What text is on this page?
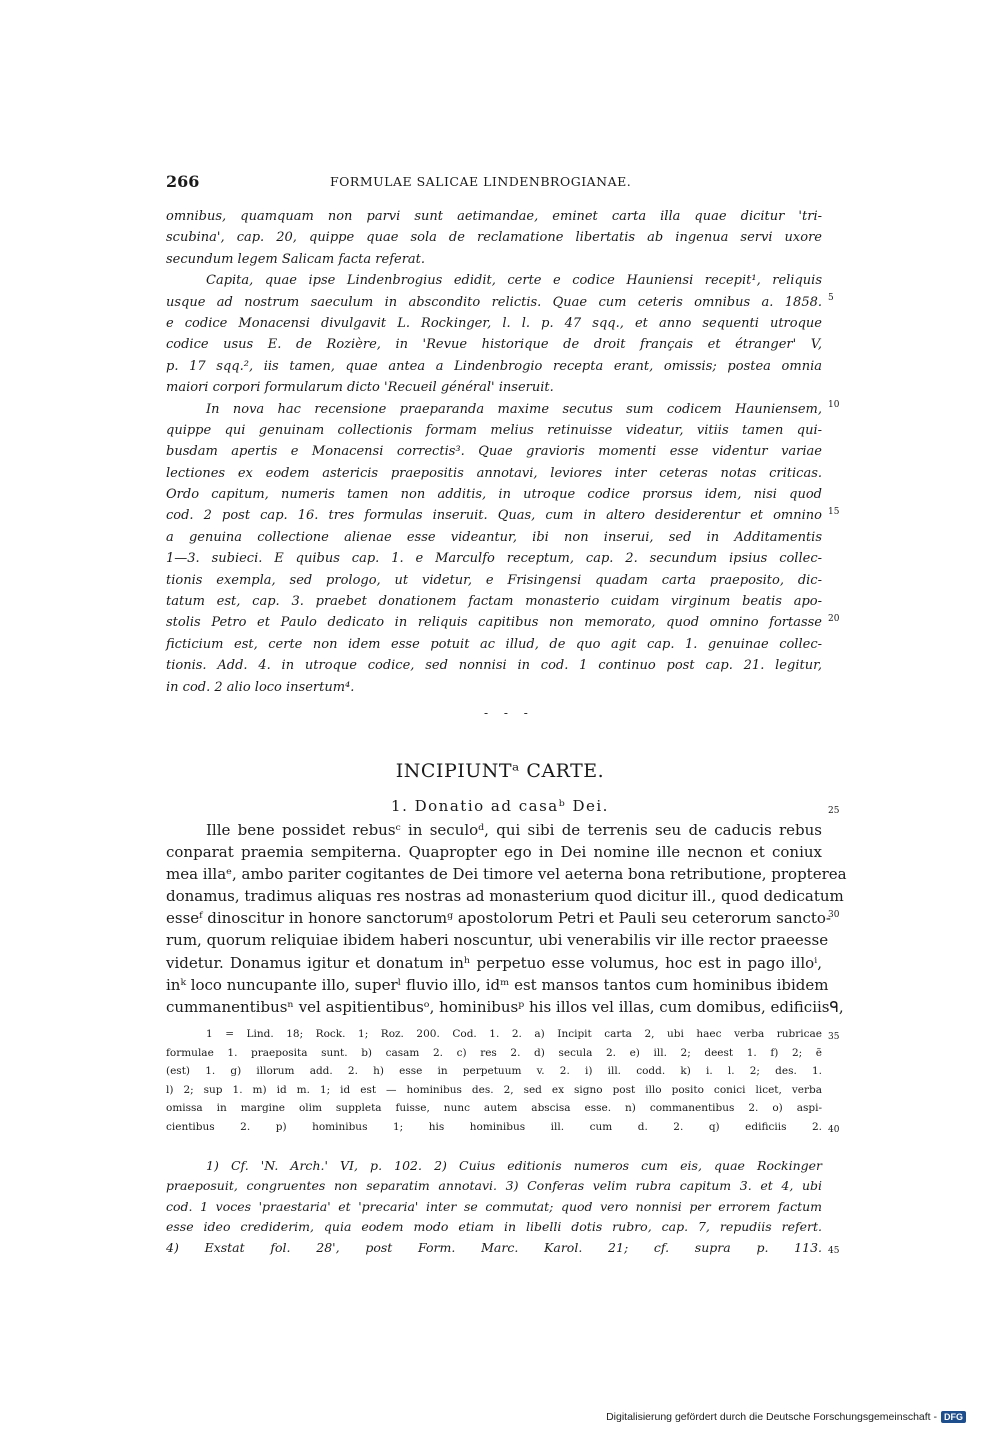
266	FORMULAE SALICAE LINDENBROGIANAE.
omnibus, quamquam non parvi sunt aetimandae, eminet carta illa quae dicitur 'tri-
scubina', cap. 20, quippe quae sola de reclamatione libertatis ab ingenua servi uxore
secundum legem Salicam facta referat.
Capita, quae ipse Lindenbrogius edidit, certe e codice Hauniensi recepit¹, reliquis
usque ad nostrum saeculum in abscondito relictis. Quae cum ceteris omnibus a. 1858.
e codice Monacensi divulgavit L. Rockinger, l. l. p. 47 sqq., et anno sequenti utroque
codice usus E. de Rozière, in 'Revue historique de droit français et étranger' V,
p. 17 sqq.², iis tamen, quae antea a Lindenbrogio recepta erant, omissis; postea omnia
maiori corpori formularum dicto 'Recueil général' inseruit.
In nova hac recensione praeparanda maxime secutus sum codicem Hauniensem,
quippe qui genuinam collectionis formam melius retinuisse videatur, vitiis tamen qui-
busdam apertis e Monacensi correctis³. Quae gravioris momenti esse videntur variae
lectiones ex eodem astericis praepositis annotavi, leviores inter ceteras notas criticas.
Ordo capitum, numeris tamen non additis, in utroque codice prorsus idem, nisi quod
cod. 2 post cap. 16. tres formulas inseruit. Quas, cum in altero desiderentur et omnino
a genuina collectione alienae esse videantur, ibi non inserui, sed in Additamentis
1—3. subieci. E quibus cap. 1. e Marculfo receptum, cap. 2. secundum ipsius collec-
tionis exempla, sed prologo, ut videtur, e Frisingensi quadam carta praeposito, dic-
tatum est, cap. 3. praebet donationem factam monasterio cuidam virginum beatis apo-
stolis Petro et Paulo dedicato in reliquis capitibus non memorato, quod omnino fortasse
ficticium est, certe non idem esse potuit ac illud, de quo agit cap. 1. genuinae collec-
tionis. Add. 4. in utroque codice, sed nonnisi in cod. 1 continuo post cap. 21. legitur,
in cod. 2 alio loco insertum⁴.
5
10
15
20
- - -
INCIPIUNTᵃ CARTE.
1. Donatio ad casaᵇ Dei.	25
Ille bene possidet rebusᶜ in seculoᵈ, qui sibi de terrenis seu de caducis rebus
conparat praemia sempiterna. Quapropter ego in Dei nomine ille necnon et coniux
mea illaᵉ, ambo pariter cogitantes de Dei timore vel aeterna bona retributione, propterea
donamus, tradimus aliquas res nostras ad monasterium quod dicitur ill., quod dedicatum
esseᶠ dinoscitur in honore sanctorumᵍ apostolorum Petri et Pauli seu ceterorum sancto-
rum, quorum reliquiae ibidem haberi noscuntur, ubi venerabilis vir ille rector praeesse
videtur. Donamus igitur et donatum inʰ perpetuo esse volumus, hoc est in pago illoⁱ,
inᵏ loco nuncupante illo, superˡ fluvio illo, idᵐ est mansos tantos cum hominibus ibidem
cummanentibusⁿ vel aspitientibusᵒ, hominibusᵖ his illos vel illas, cum domibus, edificiisᑫ,
30
1 = Lind. 18; Rock. 1; Roz. 200. Cod. 1. 2. a) Incipit carta 2, ubi haec verba rubricae
formulae 1. praeposita sunt. b) casam 2. c) res 2. d) secula 2. e) ill. 2; deest 1. f) 2; ẽ
(est) 1. g) illorum add. 2. h) esse in perpetuum v. 2. i) ill. codd. k) i. l. 2; des. 1.
l) 2; sup 1. m) id m. 1; id est — hominibus des. 2, sed ex signo post illo posito conici licet, verba
omissa in margine olim suppleta fuisse, nunc autem abscisa esse. n) commanentibus 2. o) aspi-
cientibus 2. p) hominibus 1; his hominibus ill. cum d. 2. q) edificiis 2.
35
40
1) Cf. 'N. Arch.' VI, p. 102. 2) Cuius editionis numeros cum eis, quae Rockinger
praeposuit, congruentes non separatim annotavi. 3) Conferas velim rubra capitum 3. et 4, ubi
cod. 1 voces 'praestaria' et 'precaria' inter se commutat; quod vero nonnisi per errorem factum
esse ideo crediderim, quia eodem modo etiam in libelli dotis rubro, cap. 7, repudiis refert.
4) Exstat fol. 28', post Form. Marc. Karol. 21; cf. supra p. 113. 45
Digitalisierung gefördert durch die Deutsche Forschungsgemeinschaft - DFG
